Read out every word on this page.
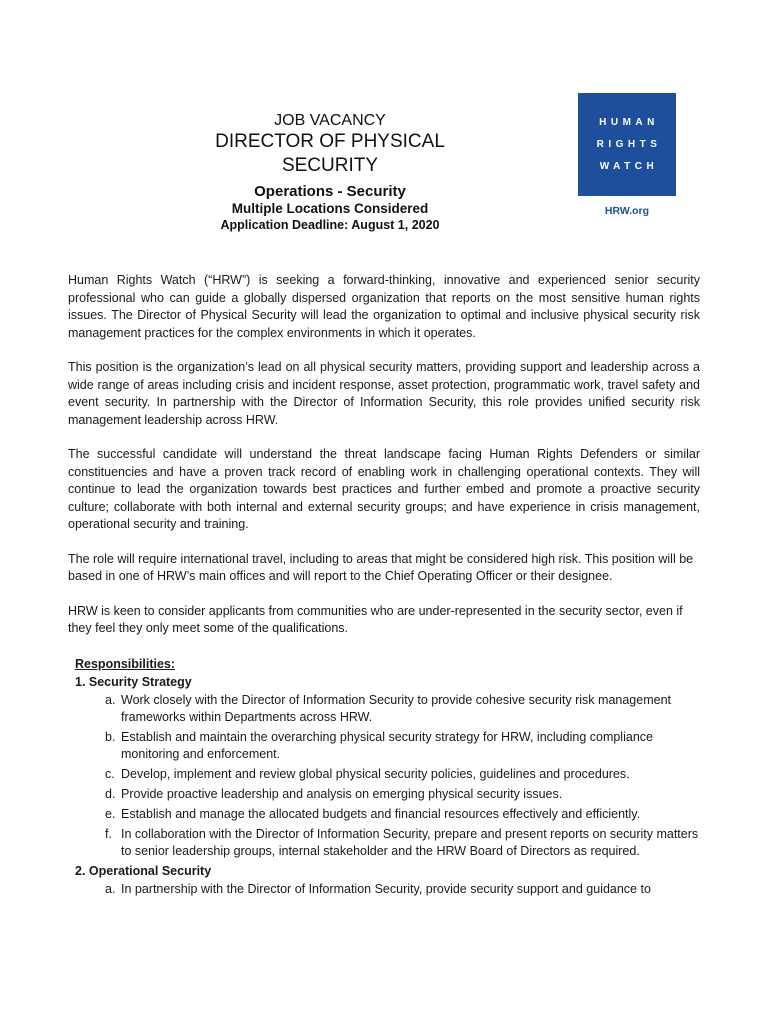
JOB VACANCY
DIRECTOR OF PHYSICAL
SECURITY
Operations - Security
Multiple Locations Considered
Application Deadline: August 1, 2020
HUMAN
RIGHTS
WATCH
HRW.org

Human Rights Watch (“HRW”) is seeking a forward-thinking, innovative and experienced senior security professional who can guide a globally dispersed organization that reports on the most sensitive human rights issues. The Director of Physical Security will lead the organization to optimal and inclusive physical security risk management practices for the complex environments in which it operates.

This position is the organization’s lead on all physical security matters, providing support and leadership across a wide range of areas including crisis and incident response, asset protection, programmatic work, travel safety and event security. In partnership with the Director of Information Security, this role provides unified security risk management leadership across HRW.

The successful candidate will understand the threat landscape facing Human Rights Defenders or similar constituencies and have a proven track record of enabling work in challenging operational contexts. They will continue to lead the organization towards best practices and further embed and promote a proactive security culture; collaborate with both internal and external security groups; and have experience in crisis management, operational security and training.

The role will require international travel, including to areas that might be considered high risk. This position will be based in one of HRW’s main offices and will report to the Chief Operating Officer or their designee.

HRW is keen to consider applicants from communities who are under-represented in the security sector, even if they feel they only meet some of the qualifications.

Responsibilities:
1. Security Strategy
a. Work closely with the Director of Information Security to provide cohesive security risk management frameworks within Departments across HRW.
b. Establish and maintain the overarching physical security strategy for HRW, including compliance monitoring and enforcement.
c. Develop, implement and review global physical security policies, guidelines and procedures.
d. Provide proactive leadership and analysis on emerging physical security issues.
e. Establish and manage the allocated budgets and financial resources effectively and efficiently.
f. In collaboration with the Director of Information Security, prepare and present reports on security matters to senior leadership groups, internal stakeholder and the HRW Board of Directors as required.
2. Operational Security
a. In partnership with the Director of Information Security, provide security support and guidance to
